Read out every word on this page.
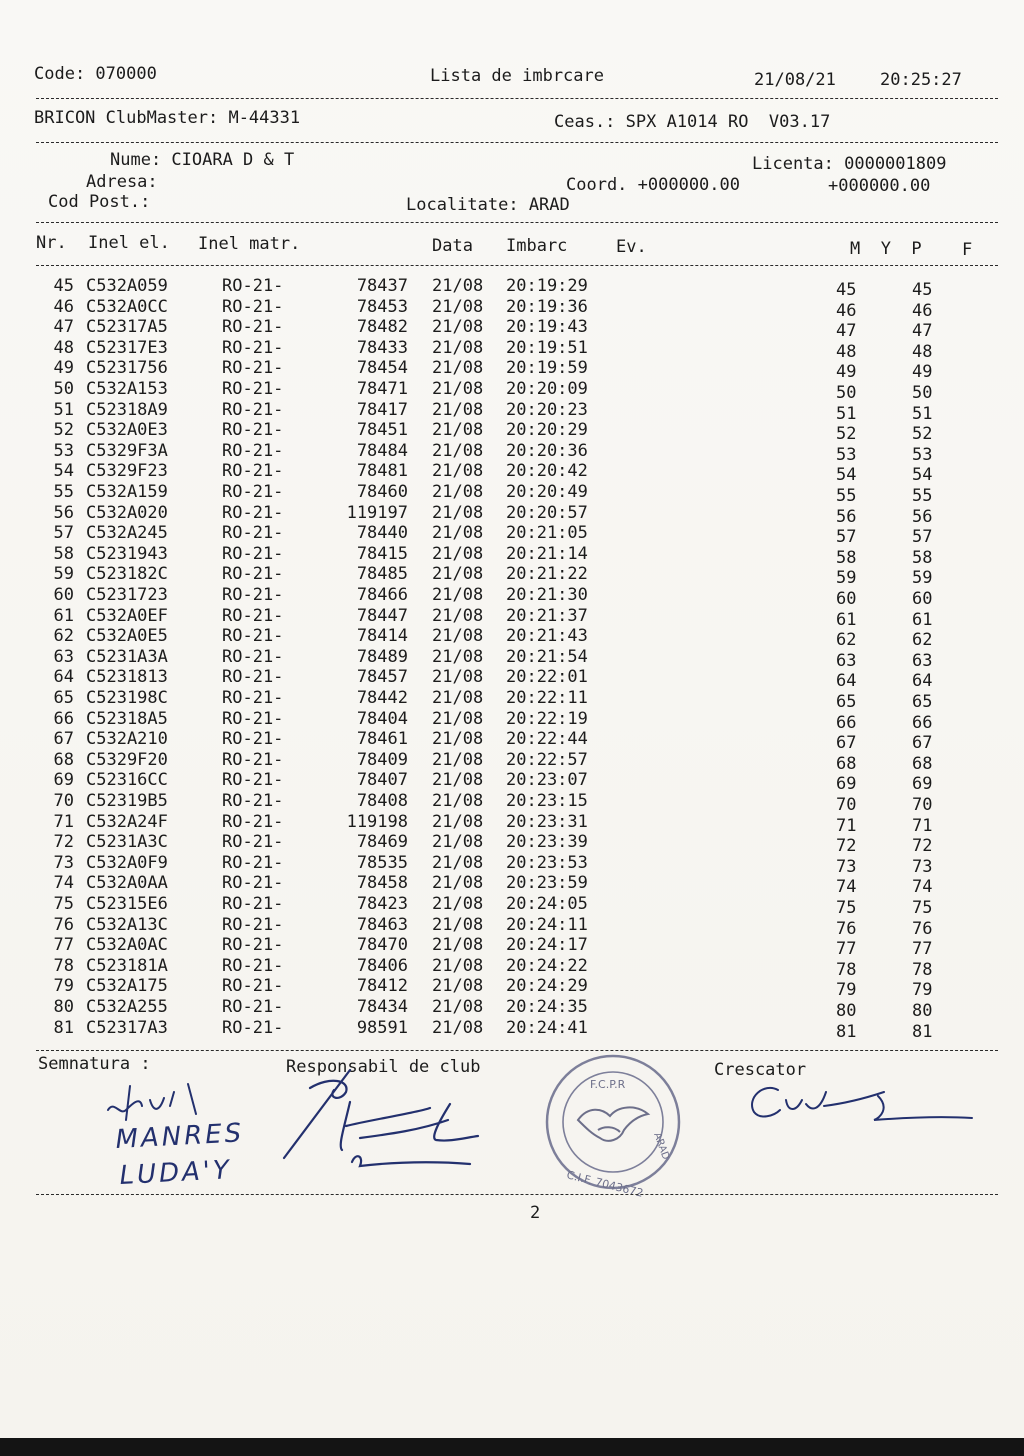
Code: 070000	Lista de imbrcare	21/08/21	20:25:27
BRICON ClubMaster: M-44331	Ceas.: SPX A1014 RO  V03.17
Nume: CIOARA D & T	Licenta: 0000001809
Adresa:	Coord. +000000.00	+000000.00
Cod Post.:	Localitate: ARAD
Nr. Inel el. Inel matr.	Data Imbarc	Ev.	M  Y  P F
45 C532A059	RO-21-	78437 21/08 20:19:29	45	45
46 C532A0CC	RO-21-	78453 21/08 20:19:36	46	46
47 C52317A5	RO-21-	78482 21/08 20:19:43	47	47
48 C52317E3	RO-21-	78433 21/08 20:19:51	48	48
49 C5231756	RO-21-	78454 21/08 20:19:59	49	49
50 C532A153	RO-21-	78471 21/08 20:20:09	50	50
51 C52318A9	RO-21-	78417 21/08 20:20:23	51	51
52 C532A0E3	RO-21-	78451 21/08 20:20:29	52	52
53 C5329F3A	RO-21-	78484 21/08 20:20:36	53	53
54 C5329F23	RO-21-	78481 21/08 20:20:42	54	54
55 C532A159	RO-21-	78460 21/08 20:20:49	55	55
56 C532A020	RO-21-	119197 21/08 20:20:57	56	56
57 C532A245	RO-21-	78440 21/08 20:21:05	57	57
58 C5231943	RO-21-	78415 21/08 20:21:14	58	58
59 C523182C	RO-21-	78485 21/08 20:21:22	59	59
60 C5231723	RO-21-	78466 21/08 20:21:30	60	60
61 C532A0EF	RO-21-	78447 21/08 20:21:37	61	61
62 C532A0E5	RO-21-	78414 21/08 20:21:43	62	62
63 C5231A3A	RO-21-	78489 21/08 20:21:54	63	63
64 C5231813	RO-21-	78457 21/08 20:22:01	64	64
65 C523198C	RO-21-	78442 21/08 20:22:11	65	65
66 C52318A5	RO-21-	78404 21/08 20:22:19	66	66
67 C532A210	RO-21-	78461 21/08 20:22:44	67	67
68 C5329F20	RO-21-	78409 21/08 20:22:57	68	68
69 C52316CC	RO-21-	78407 21/08 20:23:07	69	69
70 C52319B5	RO-21-	78408 21/08 20:23:15	70	70
71 C532A24F	RO-21-	119198 21/08 20:23:31	71	71
72 C5231A3C	RO-21-	78469 21/08 20:23:39	72	72
73 C532A0F9	RO-21-	78535 21/08 20:23:53	73	73
74 C532A0AA	RO-21-	78458 21/08 20:23:59	74	74
75 C52315E6	RO-21-	78423 21/08 20:24:05	75	75
76 C532A13C	RO-21-	78463 21/08 20:24:11	76	76
77 C532A0AC	RO-21-	78470 21/08 20:24:17	77	77
78 C523181A	RO-21-	78406 21/08 20:24:22	78	78
79 C532A175	RO-21-	78412 21/08 20:24:29	79	79
80 C532A255	RO-21-	78434 21/08 20:24:35	80	80
81 C52317A3	RO-21-	98591 21/08 20:24:41	81	81
Semnatura :	Responsabil de club	Crescator
MANRES
LUDA'Y
F.C.P.R
ARAD
C.I.F. 7043672
2
